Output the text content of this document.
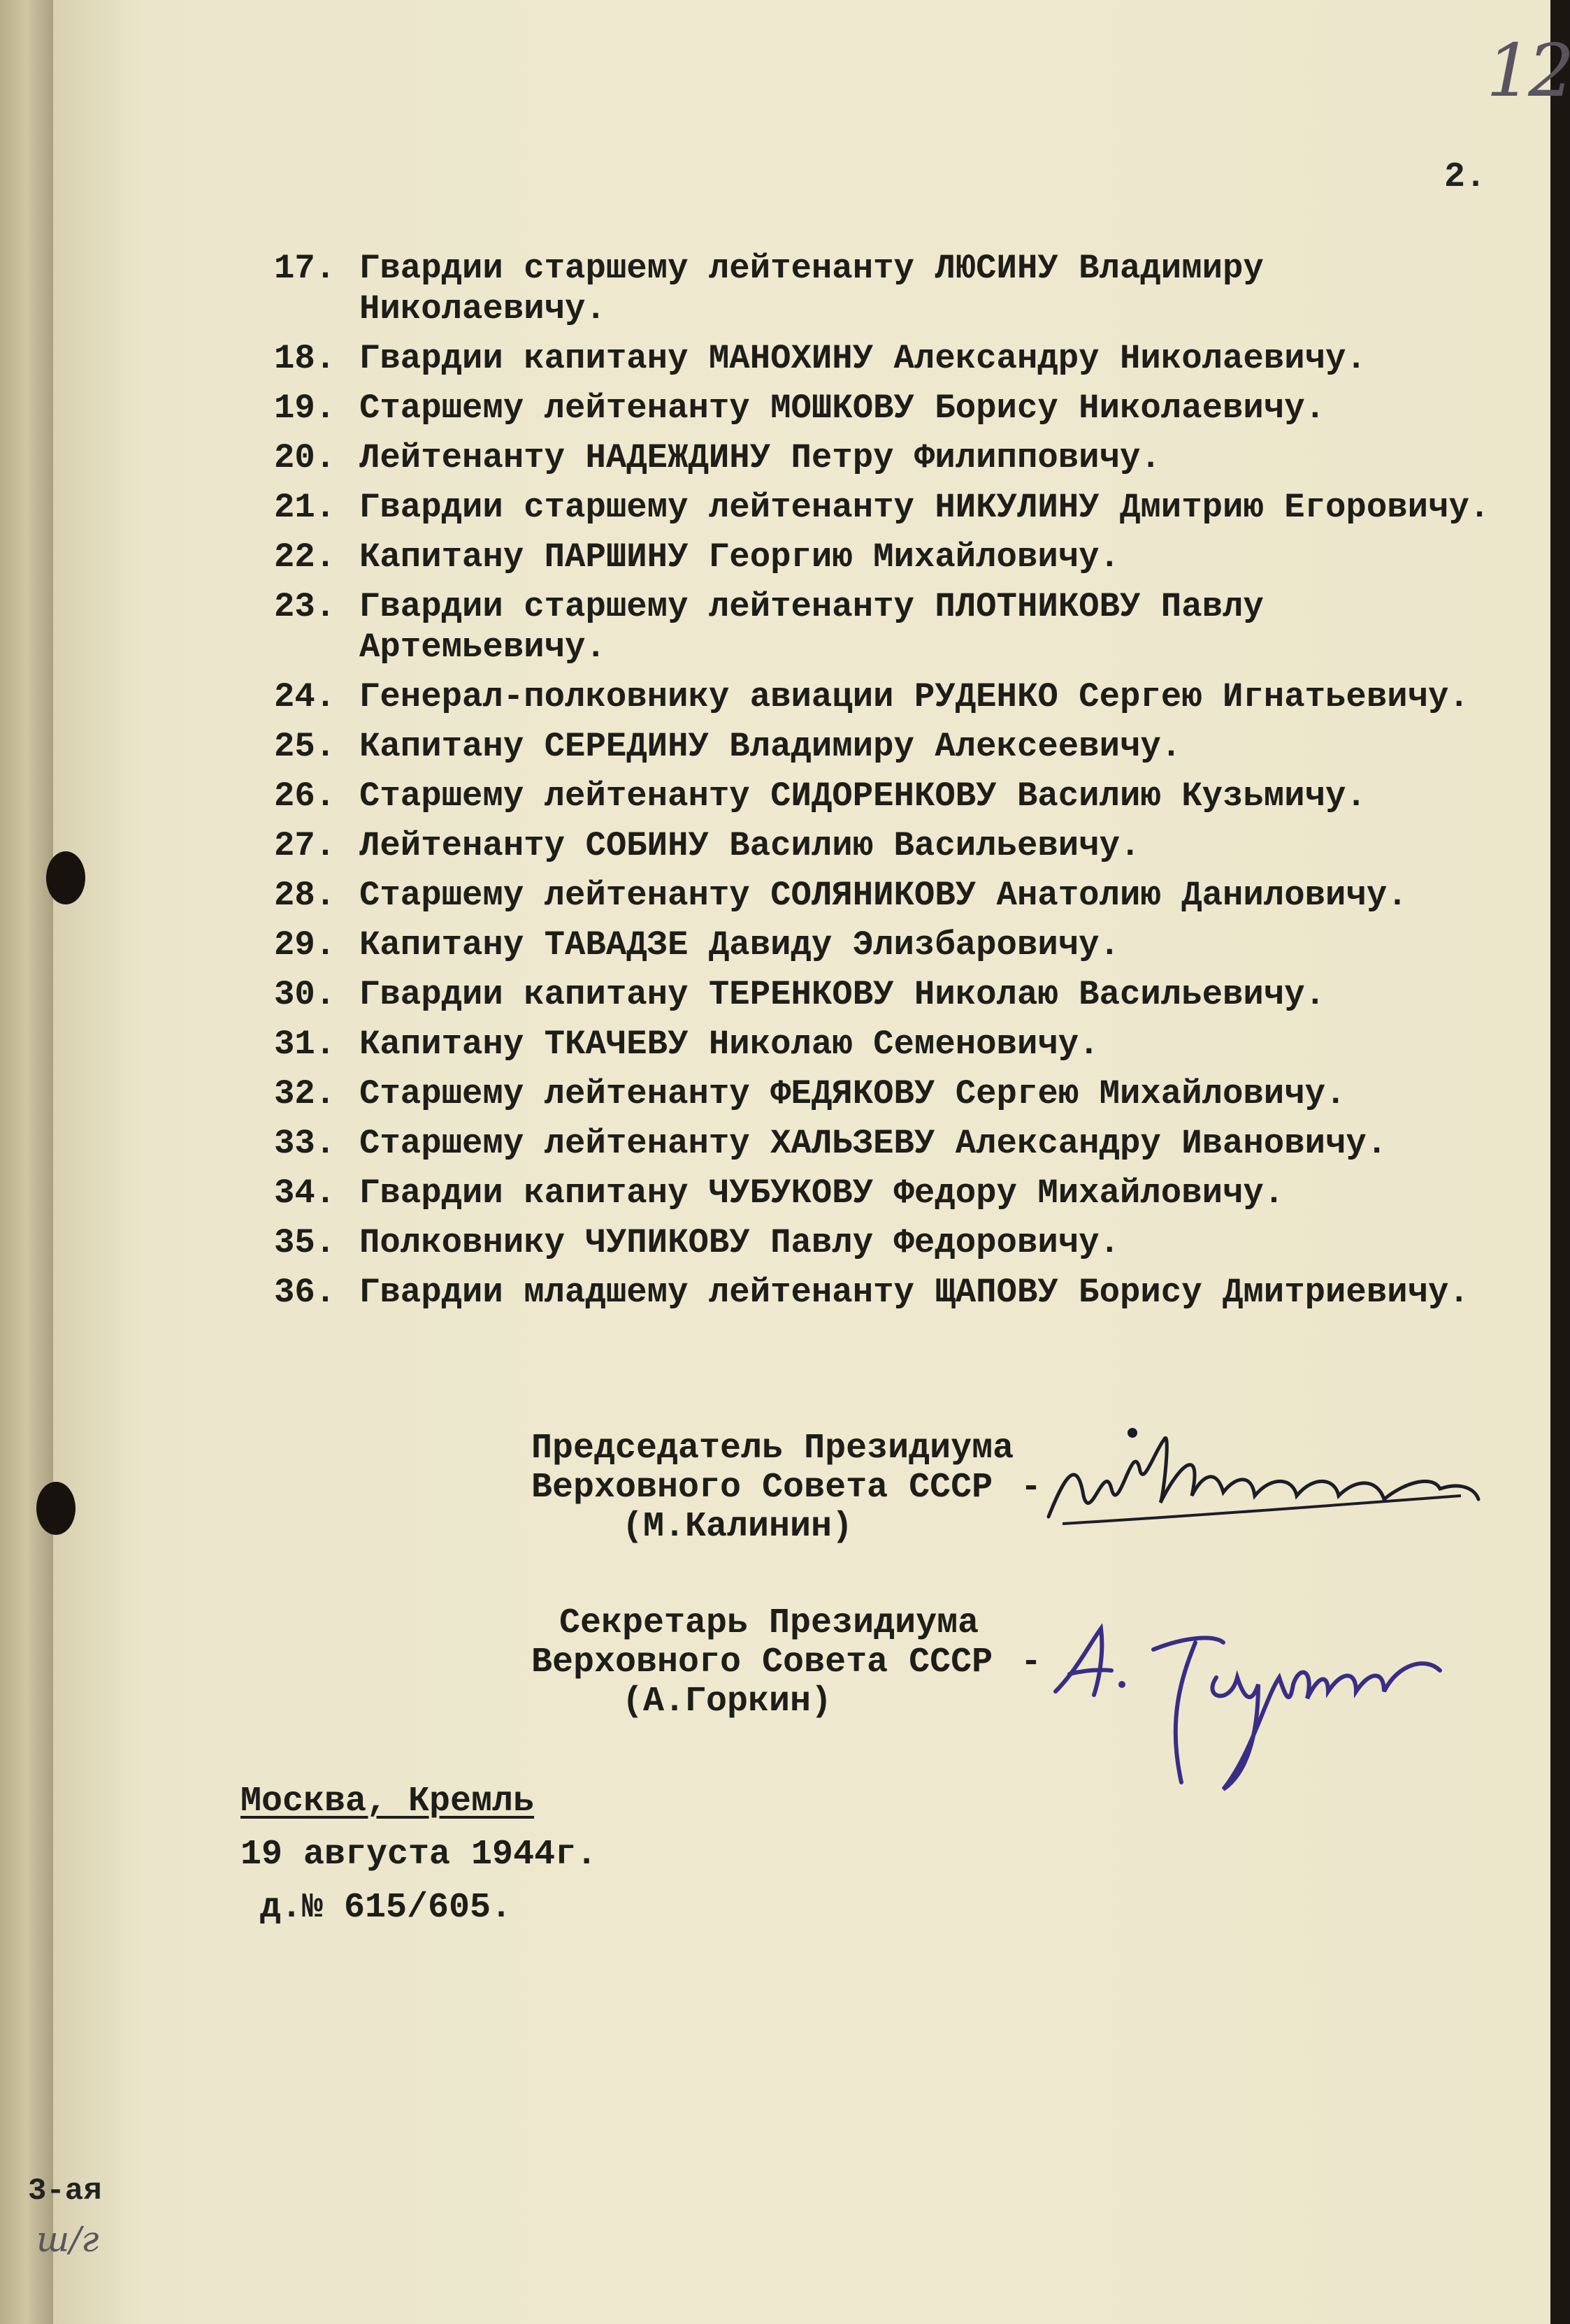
12
2.
17. Гвардии старшему лейтенанту ЛЮСИНУ Владимиру
Николаевичу.
18. Гвардии капитану МАНОХИНУ Александру Николаевичу.
19. Старшему лейтенанту МОШКОВУ Борису Николаевичу.
20. Лейтенанту НАДЕЖДИНУ Петру Филипповичу.
21. Гвардии старшему лейтенанту НИКУЛИНУ Дмитрию Егоровичу.
22. Капитану ПАРШИНУ Георгию Михайловичу.
23. Гвардии старшему лейтенанту ПЛОТНИКОВУ Павлу
Артемьевичу.
24. Генерал-полковнику авиации РУДЕНКО Сергею Игнатьевичу.
25. Капитану СЕРЕДИНУ Владимиру Алексеевичу.
26. Старшему лейтенанту СИДОРЕНКОВУ Василию Кузьмичу.
27. Лейтенанту СОБИНУ Василию Васильевичу.
28. Старшему лейтенанту СОЛЯНИКОВУ Анатолию Даниловичу.
29. Капитану ТАВАДЗЕ Давиду Элизбаровичу.
30. Гвардии капитану ТЕРЕНКОВУ Николаю Васильевичу.
31. Капитану ТКАЧЕВУ Николаю Семеновичу.
32. Старшему лейтенанту ФЕДЯКОВУ Сергею Михайловичу.
33. Старшему лейтенанту ХАЛЬЗЕВУ Александру Ивановичу.
34. Гвардии капитану ЧУБУКОВУ Федору Михайловичу.
35. Полковнику ЧУПИКОВУ Павлу Федоровичу.
36. Гвардии младшему лейтенанту ЩАПОВУ Борису Дмитриевичу.
Председатель Президиума
Верховного Совета СССР
(М.Калинин)
-
Секретарь Президиума
Верховного Совета СССР
(А.Горкин)
-
Москва, Кремль
19 августа 1944г.
д.№ 615/605.
3-ая
ш/г
